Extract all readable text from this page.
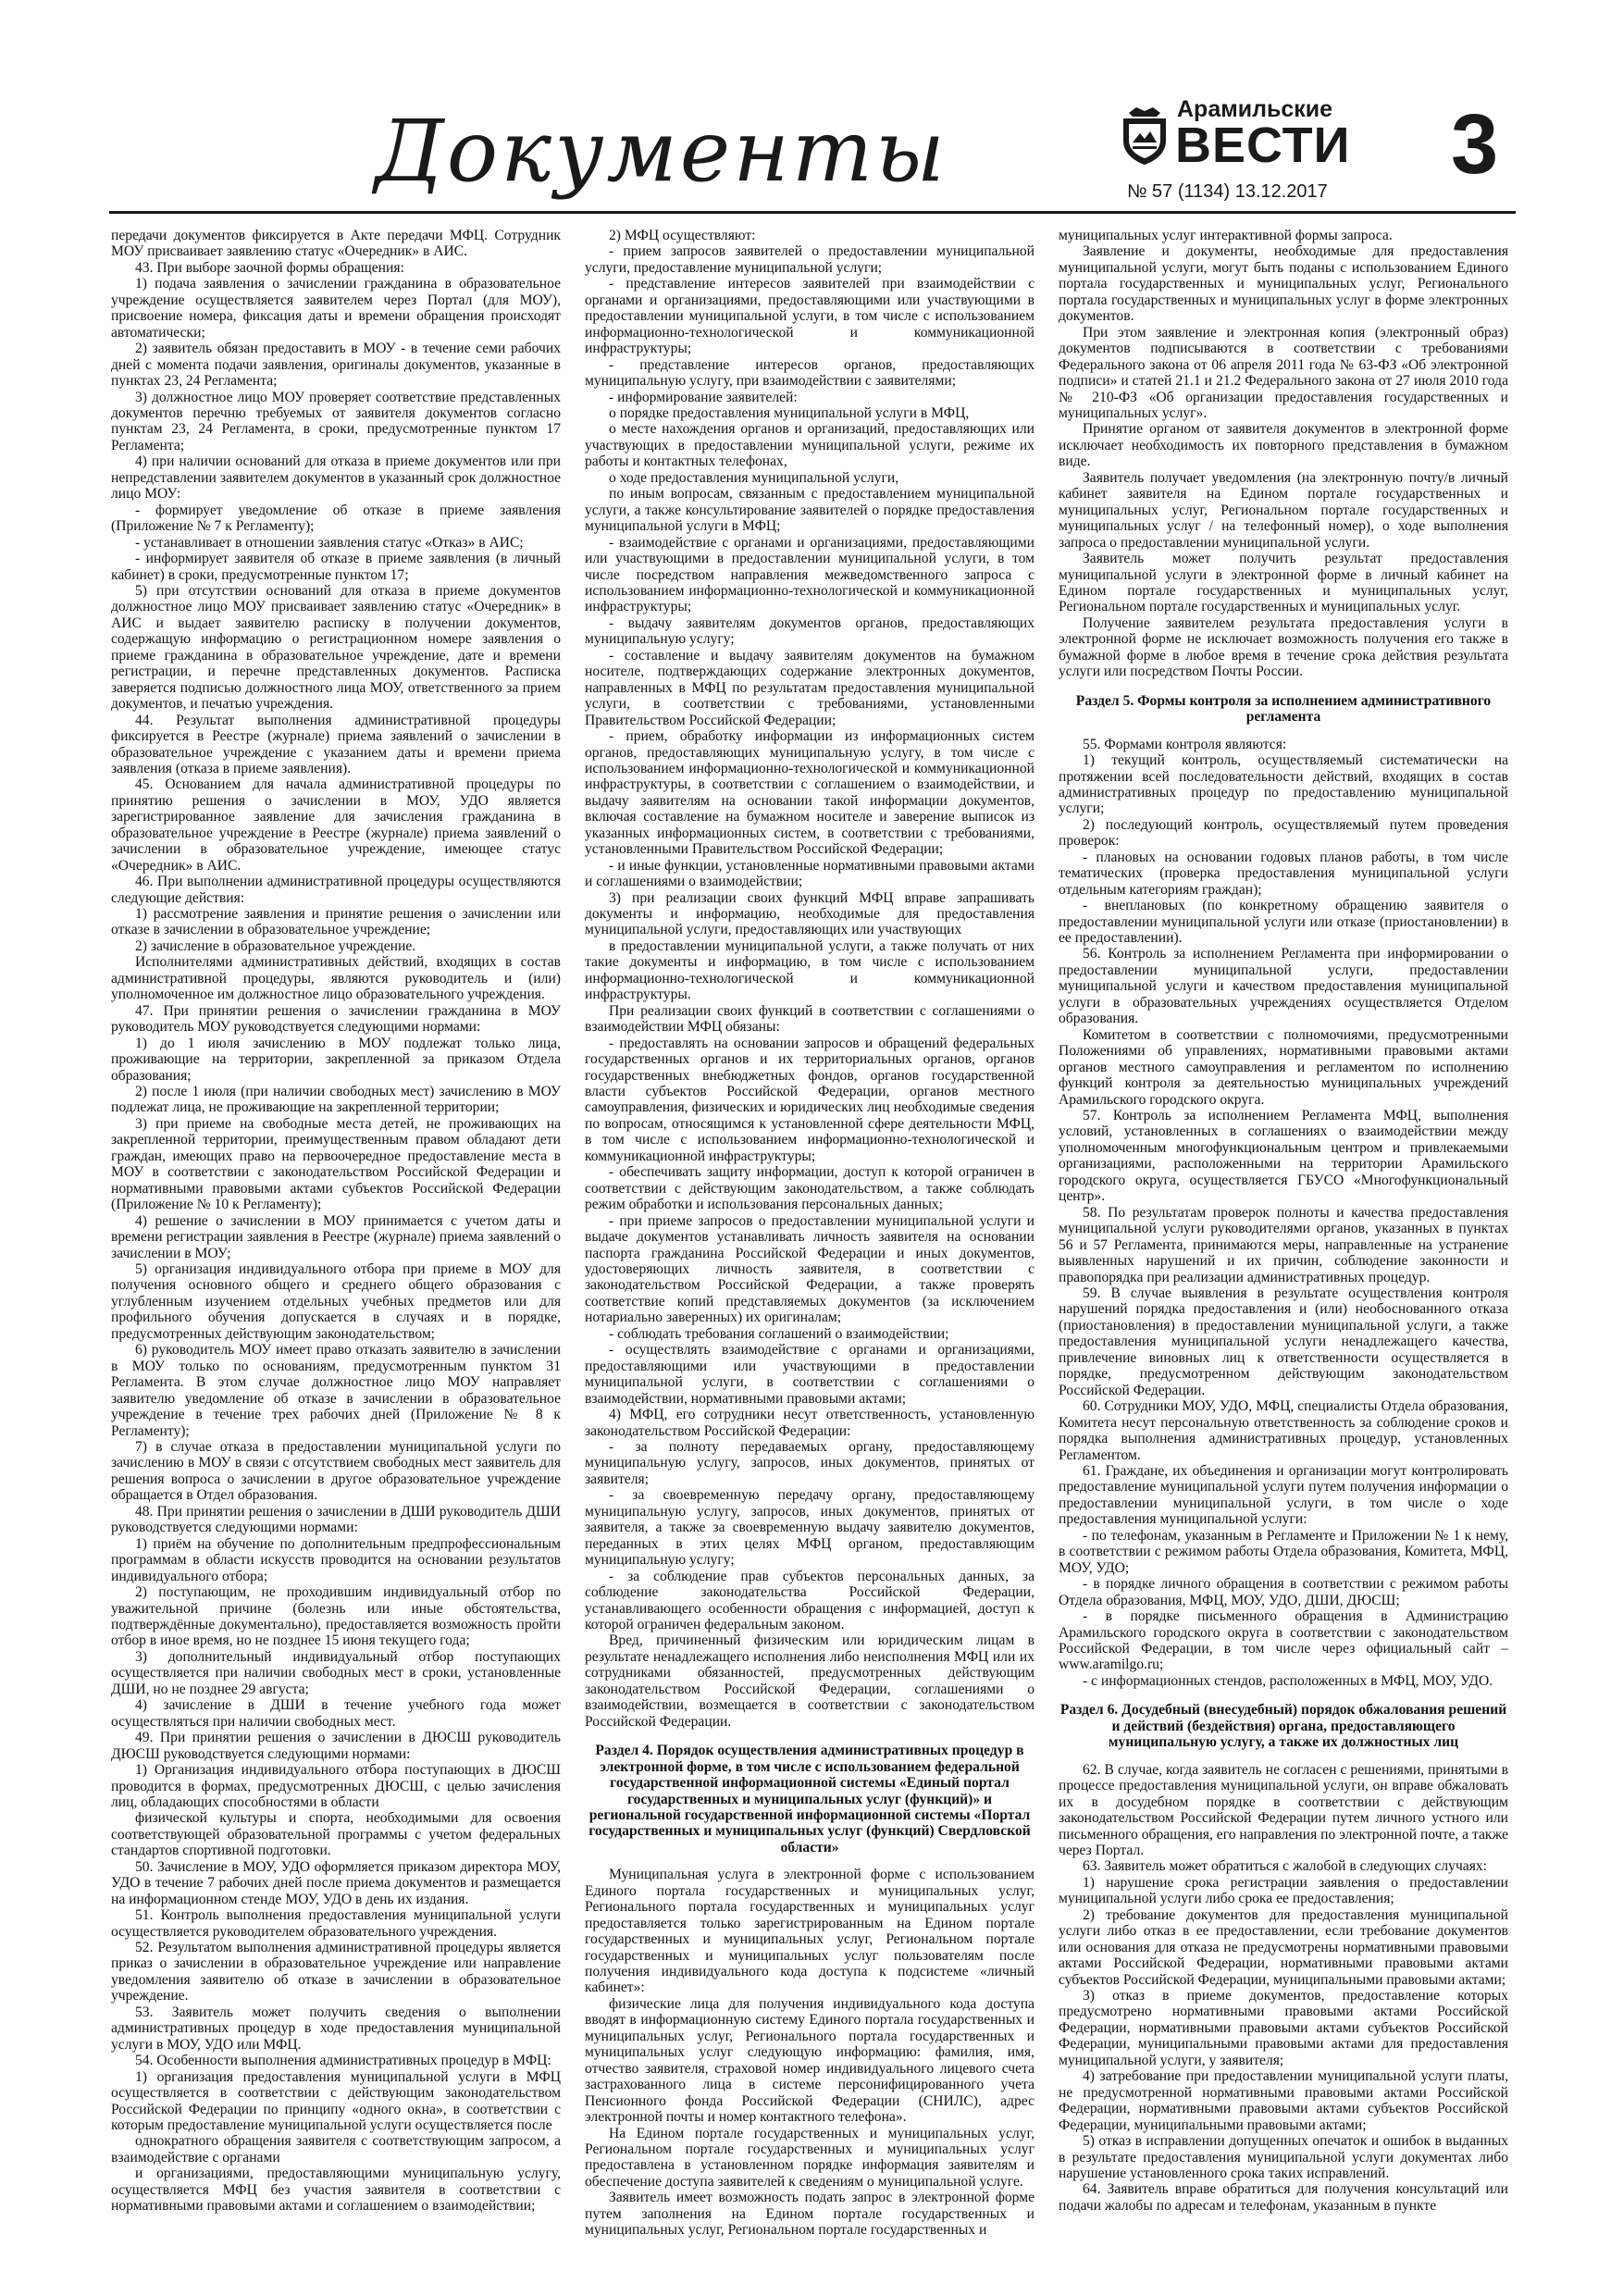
Документы	Арамильские
ВЕСТИ
№ 57 (1134) 13.12.2017 3

передачи документов фиксируется в Акте передачи МФЦ. Сотрудник МОУ присваивает заявлению статус «Очередник» в АИС.

43. При выборе заочной формы обращения:

1) подача заявления о зачислении гражданина в образовательное учреждение осуществляется заявителем через Портал (для МОУ), присвоение номера, фиксация даты и времени обращения происходят автоматически;

2) заявитель обязан предоставить в МОУ - в течение семи рабочих дней с момента подачи заявления, оригиналы документов, указанные в пунктах 23, 24 Регламента;

3) должностное лицо МОУ проверяет соответствие представленных документов перечню требуемых от заявителя документов согласно пунктам 23, 24 Регламента, в сроки, предусмотренные пунктом 17 Регламента;

4) при наличии оснований для отказа в приеме документов или при непредставлении заявителем документов в указанный срок должностное лицо МОУ:

- формирует уведомление об отказе в приеме заявления (Приложение № 7 к Регламенту);

- устанавливает в отношении заявления статус «Отказ» в АИС;

- информирует заявителя об отказе в приеме заявления (в личный кабинет) в сроки, предусмотренные пунктом 17;

5) при отсутствии оснований для отказа в приеме документов должностное лицо МОУ присваивает заявлению статус «Очередник» в АИС и выдает заявителю расписку в получении документов, содержащую информацию о регистрационном номере заявления о приеме гражданина в образовательное учреждение, дате и времени регистрации, и перечне представленных документов. Расписка заверяется подписью должностного лица МОУ, ответственного за прием документов, и печатью учреждения.

44. Результат выполнения административной процедуры фиксируется в Реестре (журнале) приема заявлений о зачислении в образовательное учреждение с указанием даты и времени приема заявления (отказа в приеме заявления).

45. Основанием для начала административной процедуры по принятию решения о зачислении в МОУ, УДО является зарегистрированное заявление для зачисления гражданина в образовательное учреждение в Реестре (журнале) приема заявлений о зачислении в образовательное учреждение, имеющее статус «Очередник» в АИС.

46. При выполнении административной процедуры осуществляются следующие действия:

1) рассмотрение заявления и принятие решения о зачислении или отказе в зачислении в образовательное учреждение;

2) зачисление в образовательное учреждение.

Исполнителями административных действий, входящих в состав административной процедуры, являются руководитель и (или) уполномоченное им должностное лицо образовательного учреждения.

47. При принятии решения о зачислении гражданина в МОУ руководитель МОУ руководствуется следующими нормами:

1) до 1 июля зачислению в МОУ подлежат только лица, проживающие на территории, закрепленной за приказом Отдела образования;

2) после 1 июля (при наличии свободных мест) зачислению в МОУ подлежат лица, не проживающие на закрепленной территории;

3) при приеме на свободные места детей, не проживающих на закрепленной территории, преимущественным правом обладают дети граждан, имеющих право на первоочередное предоставление места в МОУ в соответствии с законодательством Российской Федерации и нормативными правовыми актами субъектов Российской Федерации (Приложение № 10 к Регламенту);

4) решение о зачислении в МОУ принимается с учетом даты и времени регистрации заявления в Реестре (журнале) приема заявлений о зачислении в МОУ;

5) организация индивидуального отбора при приеме в МОУ для получения основного общего и среднего общего образования с углубленным изучением отдельных учебных предметов или для профильного обучения допускается в случаях и в порядке, предусмотренных действующим законодательством;

6) руководитель МОУ имеет право отказать заявителю в зачислении в МОУ только по основаниям, предусмотренным пунктом 31 Регламента. В этом случае должностное лицо МОУ направляет заявителю уведомление об отказе в зачислении в образовательное учреждение в течение трех рабочих дней (Приложение № 8 к Регламенту);

7) в случае отказа в предоставлении муниципальной услуги по зачислению в МОУ в связи с отсутствием свободных мест заявитель для решения вопроса о зачислении в другое образовательное учреждение обращается в Отдел образования.

48. При принятии решения о зачислении в ДШИ руководитель ДШИ руководствуется следующими нормами:

1) приём на обучение по дополнительным предпрофессиональным программам в области искусств проводится на основании результатов индивидуального отбора;

2) поступающим, не проходившим индивидуальный отбор по уважительной причине (болезнь или иные обстоятельства, подтверждённые документально), предоставляется возможность пройти отбор в иное время, но не позднее 15 июня текущего года;

3) дополнительный индивидуальный отбор поступающих осуществляется при наличии свободных мест в сроки, установленные ДШИ, но не позднее 29 августа;

4) зачисление в ДШИ в течение учебного года может осуществляться при наличии свободных мест.

49. При принятии решения о зачислении в ДЮСШ руководитель ДЮСШ руководствуется следующими нормами:

1) Организация индивидуального отбора поступающих в ДЮСШ проводится в формах, предусмотренных ДЮСШ, с целью зачисления лиц, обладающих способностями в области

физической культуры и спорта, необходимыми для освоения соответствующей образовательной программы с учетом федеральных стандартов спортивной подготовки.

50. Зачисление в МОУ, УДО оформляется приказом директора МОУ, УДО в течение 7 рабочих дней после приема документов и размещается на информационном стенде МОУ, УДО в день их издания.

51. Контроль выполнения предоставления муниципальной услуги осуществляется руководителем образовательного учреждения.

52. Результатом выполнения административной процедуры является приказ о зачислении в образовательное учреждение или направление уведомления заявителю об отказе в зачислении в образовательное учреждение.

53. Заявитель может получить сведения о выполнении административных процедур в ходе предоставления муниципальной услуги в МОУ, УДО или МФЦ.

54. Особенности выполнения административных процедур в МФЦ:

1) организация предоставления муниципальной услуги в МФЦ осуществляется в соответствии с действующим законодательством Российской Федерации по принципу «одного окна», в соответствии с которым предоставление муниципальной услуги осуществляется после

однократного обращения заявителя с соответствующим запросом, а взаимодействие с органами

и организациями, предоставляющими муниципальную услугу, осуществляется МФЦ без участия заявителя в соответствии с нормативными правовыми актами и соглашением о взаимодействии;

2) МФЦ осуществляют:

- прием запросов заявителей о предоставлении муниципальной услуги, предоставление муниципальной услуги;

- представление интересов заявителей при взаимодействии с органами и организациями, предоставляющими или участвующими в предоставлении муниципальной услуги, в том числе с использованием информационно-технологической и коммуникационной инфраструктуры;

- представление интересов органов, предоставляющих муниципальную услугу, при взаимодействии с заявителями;

- информирование заявителей:

о порядке предоставления муниципальной услуги в МФЦ,

о месте нахождения органов и организаций, предоставляющих или участвующих в предоставлении муниципальной услуги, режиме их работы и контактных телефонах,

о ходе предоставления муниципальной услуги,

по иным вопросам, связанным с предоставлением муниципальной услуги, а также консультирование заявителей о порядке предоставления муниципальной услуги в МФЦ;

- взаимодействие с органами и организациями, предоставляющими или участвующими в предоставлении муниципальной услуги, в том числе посредством направления межведомственного запроса с использованием информационно-технологической и коммуникационной инфраструктуры;

- выдачу заявителям документов органов, предоставляющих муниципальную услугу;

- составление и выдачу заявителям документов на бумажном носителе, подтверждающих содержание электронных документов, направленных в МФЦ по результатам предоставления муниципальной услуги, в соответствии с требованиями, установленными Правительством Российской Федерации;

- прием, обработку информации из информационных систем органов, предоставляющих муниципальную услугу, в том числе с использованием информационно-технологической и коммуникационной инфраструктуры, в соответствии с соглашением о взаимодействии, и выдачу заявителям на основании такой информации документов, включая составление на бумажном носителе и заверение выписок из указанных информационных систем, в соответствии с требованиями, установленными Правительством Российской Федерации;

- и иные функции, установленные нормативными правовыми актами и соглашениями о взаимодействии;

3) при реализации своих функций МФЦ вправе запрашивать документы и информацию, необходимые для предоставления муниципальной услуги, предоставляющих или участвующих

в предоставлении муниципальной услуги, а также получать от них такие документы и информацию, в том числе с использованием информационно-технологической и коммуникационной инфраструктуры.

При реализации своих функций в соответствии с соглашениями о взаимодействии МФЦ обязаны:

- предоставлять на основании запросов и обращений федеральных государственных органов и их территориальных органов, органов государственных внебюджетных фондов, органов государственной власти субъектов Российской Федерации, органов местного самоуправления, физических и юридических лиц необходимые сведения по вопросам, относящимся к установленной сфере деятельности МФЦ, в том числе с использованием информационно-технологической и коммуникационной инфраструктуры;

- обеспечивать защиту информации, доступ к которой ограничен в соответствии с действующим законодательством, а также соблюдать режим обработки и использования персональных данных;

- при приеме запросов о предоставлении муниципальной услуги и выдаче документов устанавливать личность заявителя на основании паспорта гражданина Российской Федерации и иных документов, удостоверяющих личность заявителя, в соответствии с законодательством Российской Федерации, а также проверять соответствие копий представляемых документов (за исключением нотариально заверенных) их оригиналам;

- соблюдать требования соглашений о взаимодействии;

- осуществлять взаимодействие с органами и организациями, предоставляющими или участвующими в предоставлении муниципальной услуги, в соответствии с соглашениями о взаимодействии, нормативными правовыми актами;

4) МФЦ, его сотрудники несут ответственность, установленную законодательством Российской Федерации:

- за полноту передаваемых органу, предоставляющему муниципальную услугу, запросов, иных документов, принятых от заявителя;

- за своевременную передачу органу, предоставляющему муниципальную услугу, запросов, иных документов, принятых от заявителя, а также за своевременную выдачу заявителю документов, переданных в этих целях МФЦ органом, предоставляющим муниципальную услугу;

- за соблюдение прав субъектов персональных данных, за соблюдение законодательства Российской Федерации, устанавливающего особенности обращения с информацией, доступ к которой ограничен федеральным законом.

Вред, причиненный физическим или юридическим лицам в результате ненадлежащего исполнения либо неисполнения МФЦ или их сотрудниками обязанностей, предусмотренных действующим законодательством Российской Федерации, соглашениями о взаимодействии, возмещается в соответствии с законодательством Российской Федерации.

Раздел 4. Порядок осуществления административных процедур в электронной форме, в том числе с использованием федеральной государственной информационной системы «Единый портал государственных и муниципальных услуг (функций)» и региональной государственной информационной системы «Портал государственных и муниципальных услуг (функций) Свердловской области»

Муниципальная услуга в электронной форме с использованием Единого портала государственных и муниципальных услуг, Регионального портала государственных и муниципальных услуг предоставляется только зарегистрированным на Едином портале государственных и муниципальных услуг, Региональном портале государственных и муниципальных услуг пользователям после получения индивидуального кода доступа к подсистеме «личный кабинет»:

физические лица для получения индивидуального кода доступа вводят в информационную систему Единого портала государственных и муниципальных услуг, Регионального портала государственных и муниципальных услуг следующую информацию: фамилия, имя, отчество заявителя, страховой номер индивидуального лицевого счета застрахованного лица в системе персонифицированного учета Пенсионного фонда Российской Федерации (СНИЛС), адрес электронной почты и номер контактного телефона».

На Едином портале государственных и муниципальных услуг, Региональном портале государственных и муниципальных услуг предоставлена в установленном порядке информация заявителям и обеспечение доступа заявителей к сведениям о муниципальной услуге.

Заявитель имеет возможность подать запрос в электронной форме путем заполнения на Едином портале государственных и муниципальных услуг, Региональном портале государственных и

муниципальных услуг интерактивной формы запроса.

Заявление и документы, необходимые для предоставления муниципальной услуги, могут быть поданы с использованием Единого портала государственных и муниципальных услуг, Регионального портала государственных и муниципальных услуг в форме электронных документов.

При этом заявление и электронная копия (электронный образ) документов подписываются в соответствии с требованиями Федерального закона от 06 апреля 2011 года № 63-ФЗ «Об электронной подписи» и статей 21.1 и 21.2 Федерального закона от 27 июля 2010 года № 210-ФЗ «Об организации предоставления государственных и муниципальных услуг».

Принятие органом от заявителя документов в электронной форме исключает необходимость их повторного представления в бумажном виде.

Заявитель получает уведомления (на электронную почту/в личный кабинет заявителя на Едином портале государственных и муниципальных услуг, Региональном портале государственных и муниципальных услуг / на телефонный номер), о ходе выполнения запроса о предоставлении муниципальной услуги.

Заявитель может получить результат предоставления муниципальной услуги в электронной форме в личный кабинет на Едином портале государственных и муниципальных услуг, Региональном портале государственных и муниципальных услуг.

Получение заявителем результата предоставления услуги в электронной форме не исключает возможность получения его также в бумажной форме в любое время в течение срока действия результата услуги или посредством Почты России.

Раздел 5. Формы контроля за исполнением административного регламента

55. Формами контроля являются:

1) текущий контроль, осуществляемый систематически на протяжении всей последовательности действий, входящих в состав административных процедур по предоставлению муниципальной услуги;

2) последующий контроль, осуществляемый путем проведения проверок:

- плановых на основании годовых планов работы, в том числе тематических (проверка предоставления муниципальной услуги отдельным категориям граждан);

- внеплановых (по конкретному обращению заявителя о предоставлении муниципальной услуги или отказе (приостановлении) в ее предоставлении).

56. Контроль за исполнением Регламента при информировании о предоставлении муниципальной услуги, предоставлении муниципальной услуги и качеством предоставления муниципальной услуги в образовательных учреждениях осуществляется Отделом образования.

Комитетом в соответствии с полномочиями, предусмотренными Положениями об управлениях, нормативными правовыми актами органов местного самоуправления и регламентом по исполнению функций контроля за деятельностью муниципальных учреждений Арамильского городского округа.

57. Контроль за исполнением Регламента МФЦ, выполнения условий, установленных в соглашениях о взаимодействии между уполномоченным многофункциональным центром и привлекаемыми организациями, расположенными на территории Арамильского городского округа, осуществляется ГБУСО «Многофункциональный центр».

58. По результатам проверок полноты и качества предоставления муниципальной услуги руководителями органов, указанных в пунктах 56 и 57 Регламента, принимаются меры, направленные на устранение выявленных нарушений и их причин, соблюдение законности и правопорядка при реализации административных процедур.

59. В случае выявления в результате осуществления контроля нарушений порядка предоставления и (или) необоснованного отказа (приостановления) в предоставлении муниципальной услуги, а также предоставления муниципальной услуги ненадлежащего качества, привлечение виновных лиц к ответственности осуществляется в порядке, предусмотренном действующим законодательством Российской Федерации.

60. Сотрудники МОУ, УДО, МФЦ, специалисты Отдела образования, Комитета несут персональную ответственность за соблюдение сроков и порядка выполнения административных процедур, установленных Регламентом.

61. Граждане, их объединения и организации могут контролировать предоставление муниципальной услуги путем получения информации о предоставлении муниципальной услуги, в том числе о ходе предоставления муниципальной услуги:

- по телефонам, указанным в Регламенте и Приложении № 1 к нему, в соответствии с режимом работы Отдела образования, Комитета, МФЦ, МОУ, УДО;

- в порядке личного обращения в соответствии с режимом работы Отдела образования, МФЦ, МОУ, УДО, ДШИ, ДЮСШ;

- в порядке письменного обращения в Администрацию Арамильского городского округа в соответствии с законодательством Российской Федерации, в том числе через официальный сайт – www.aramilgo.ru;

- с информационных стендов, расположенных в МФЦ, МОУ, УДО.

Раздел 6. Досудебный (внесудебный) порядок обжалования решений и действий (бездействия) органа, предоставляющего муниципальную услугу, а также их должностных лиц

62. В случае, когда заявитель не согласен с решениями, принятыми в процессе предоставления муниципальной услуги, он вправе обжаловать их в досудебном порядке в соответствии с действующим законодательством Российской Федерации путем личного устного или письменного обращения, его направления по электронной почте, а также через Портал.

63. Заявитель может обратиться с жалобой в следующих случаях:

1) нарушение срока регистрации заявления о предоставлении муниципальной услуги либо срока ее предоставления;

2) требование документов для предоставления муниципальной услуги либо отказ в ее предоставлении, если требование документов или основания для отказа не предусмотрены нормативными правовыми актами Российской Федерации, нормативными правовыми актами субъектов Российской Федерации, муниципальными правовыми актами;

3) отказ в приеме документов, предоставление которых предусмотрено нормативными правовыми актами Российской Федерации, нормативными правовыми актами субъектов Российской Федерации, муниципальными правовыми актами для предоставления муниципальной услуги, у заявителя;

4) затребование при предоставлении муниципальной услуги платы, не предусмотренной нормативными правовыми актами Российской Федерации, нормативными правовыми актами субъектов Российской Федерации, муниципальными правовыми актами;

5) отказ в исправлении допущенных опечаток и ошибок в выданных в результате предоставления муниципальной услуги документах либо нарушение установленного срока таких исправлений.

64. Заявитель вправе обратиться для получения консультаций или подачи жалобы по адресам и телефонам, указанным в пункте
